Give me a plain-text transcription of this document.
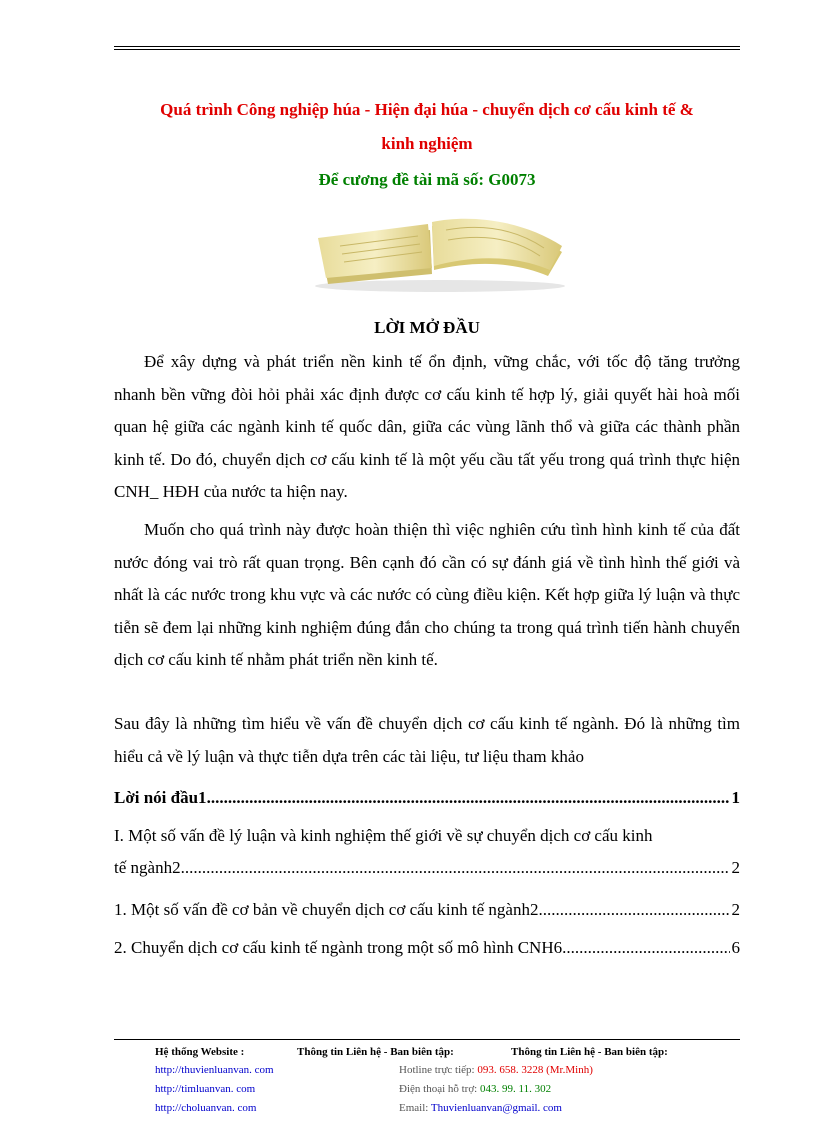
Quá trình Công nghiệp húa - Hiện đại húa - chuyển dịch cơ cấu kinh tế &
kinh nghiệm
Để cương đề tài mã số: G0073
LỜI MỞ ĐẦU

Để xây dựng và phát triển nền kinh tế ổn định, vững chắc, với tốc độ tăng trưởng nhanh bền vững đòi hỏi phải xác định được cơ cấu kinh tế hợp lý, giải quyết hài hoà mối quan hệ giữa các ngành kinh tế quốc dân, giữa các vùng lãnh thổ và giữa các thành phần kinh tế. Do đó, chuyển dịch cơ cấu kinh tế là một yếu cầu tất yếu trong quá trình thực hiện CNH_ HĐH của nước ta hiện nay.

Muốn cho quá trình này được hoàn thiện thì việc nghiên cứu tình hình kinh tế của đất nước đóng vai trò rất quan trọng. Bên cạnh đó cần có sự đánh giá về tình hình thế giới và nhất là các nước trong khu vực và các nước có cùng điều kiện. Kết hợp giữa lý luận và thực tiễn sẽ đem lại những kinh nghiệm đúng đắn cho chúng ta trong quá trình tiến hành chuyển dịch cơ cấu kinh tế nhằm phát triển nền kinh tế.

Sau đây là những tìm hiểu về vấn đề chuyển dịch cơ cấu kinh tế ngành. Đó là những tìm hiểu cả về lý luận và thực tiễn dựa trên các tài liệu, tư liệu tham khảo

Lời nói đầu1 .....	1
I. Một số vấn đề lý luận và kinh nghiệm thế giới về sự chuyển dịch cơ cấu kinh
tế ngành2 .....	2
1. Một số vấn đề cơ bản về chuyển dịch cơ cấu kinh tế ngành2 .....	2
2. Chuyển dịch cơ cấu kinh tế ngành trong một số mô hình CNH6 .....	6
Hệ thống Website :
http://thuvienluanvan. com
http://timluanvan. com
http://choluanvan. com
Thông tin Liên hệ - Ban biên tập:
Hotline trực tiếp: 093. 658. 3228 (Mr.Minh)
Điện thoại hỗ trợ: 043. 99. 11. 302
Email: Thuvienluanvan@gmail. com
Thông tin Liên hệ - Ban biên tập:
